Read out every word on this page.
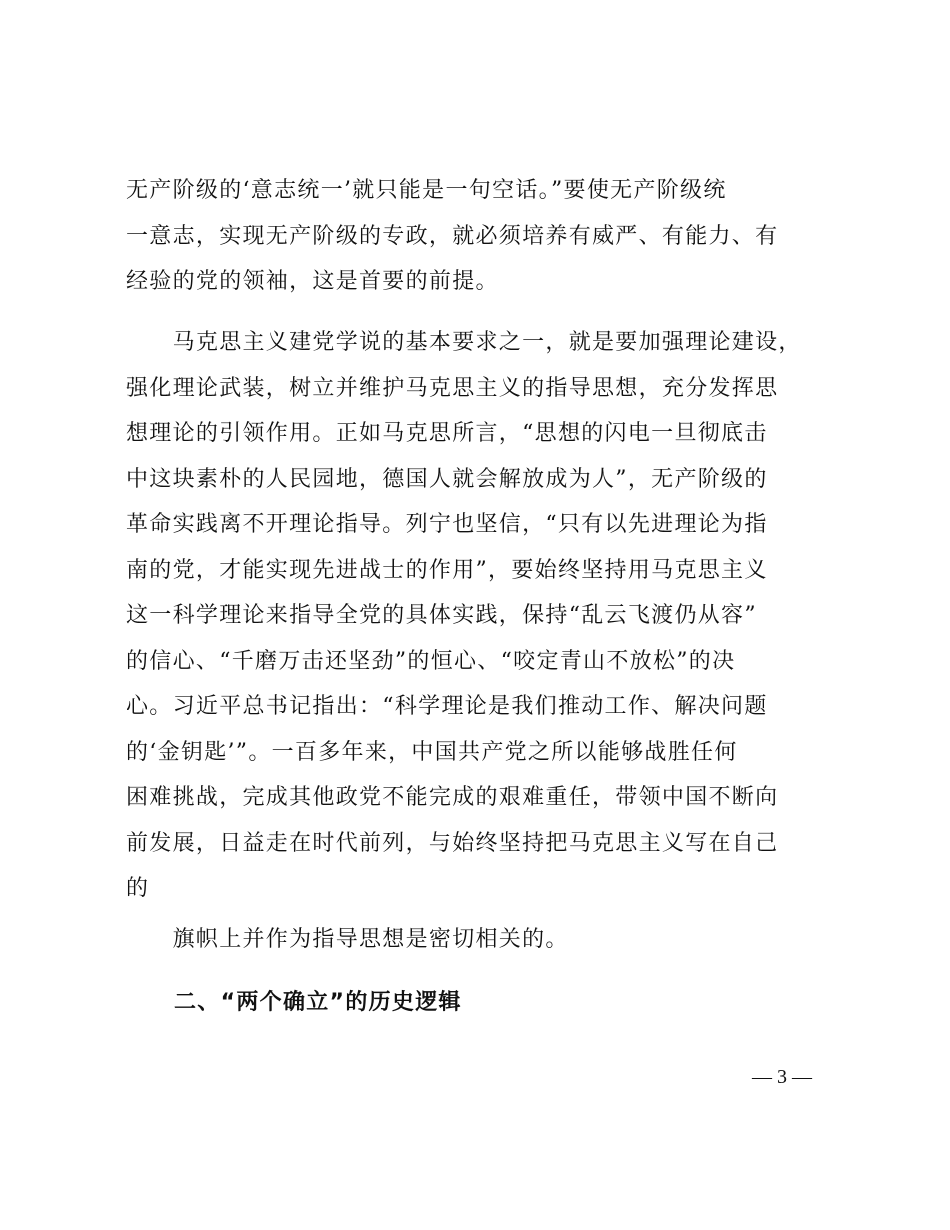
无产阶级的‘意志统一’就只能是一句空话。”要使无产阶级统
一意志，实现无产阶级的专政，就必须培养有威严、有能力、有
经验的党的领袖，这是首要的前提。
　　马克思主义建党学说的基本要求之一，就是要加强理论建设，
强化理论武装，树立并维护马克思主义的指导思想，充分发挥思
想理论的引领作用。正如马克思所言，“思想的闪电一旦彻底击
中这块素朴的人民园地，德国人就会解放成为人”，无产阶级的
革命实践离不开理论指导。列宁也坚信，“只有以先进理论为指
南的党，才能实现先进战士的作用”，要始终坚持用马克思主义
这一科学理论来指导全党的具体实践，保持“乱云飞渡仍从容”
的信心、“千磨万击还坚劲”的恒心、“咬定青山不放松”的决
心。习近平总书记指出：“科学理论是我们推动工作、解决问题
的‘金钥匙’”。一百多年来，中国共产党之所以能够战胜任何
困难挑战，完成其他政党不能完成的艰难重任，带领中国不断向
前发展，日益走在时代前列，与始终坚持把马克思主义写在自己
的
　　旗帜上并作为指导思想是密切相关的。
二、“两个确立”的历史逻辑
— 3 —
